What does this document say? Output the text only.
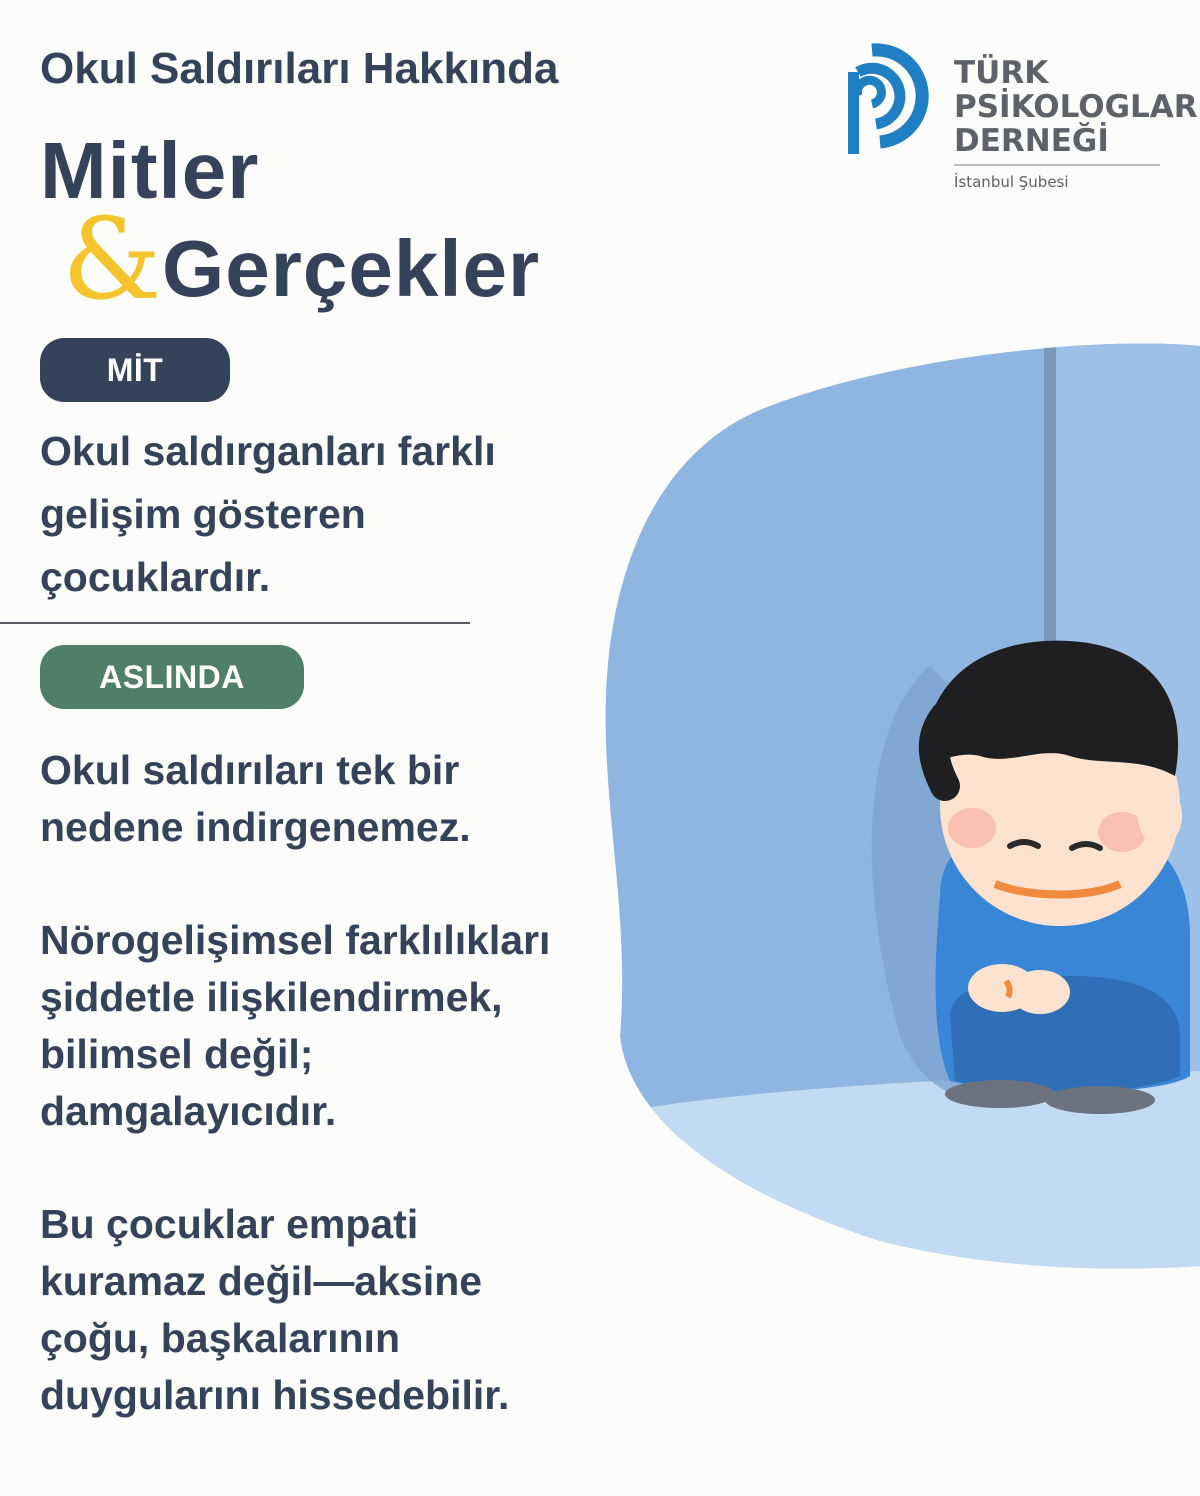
Okul Saldırıları Hakkında
Mitler
& Gerçekler
TÜRK
PSİKOLOGLAR
DERNEĞİ
İstanbul Şubesi
MİT
Okul saldırganları farklı
gelişim gösteren
çocuklardır.
ASLINDA
Okul saldırıları tek bir
nedene indirgenemez.
Nörogelişimsel farklılıkları
şiddetle ilişkilendirmek,
bilimsel değil;
damgalayıcıdır.
Bu çocuklar empati
kuramaz değil—aksine
çoğu, başkalarının
duygularını hissedebilir.
